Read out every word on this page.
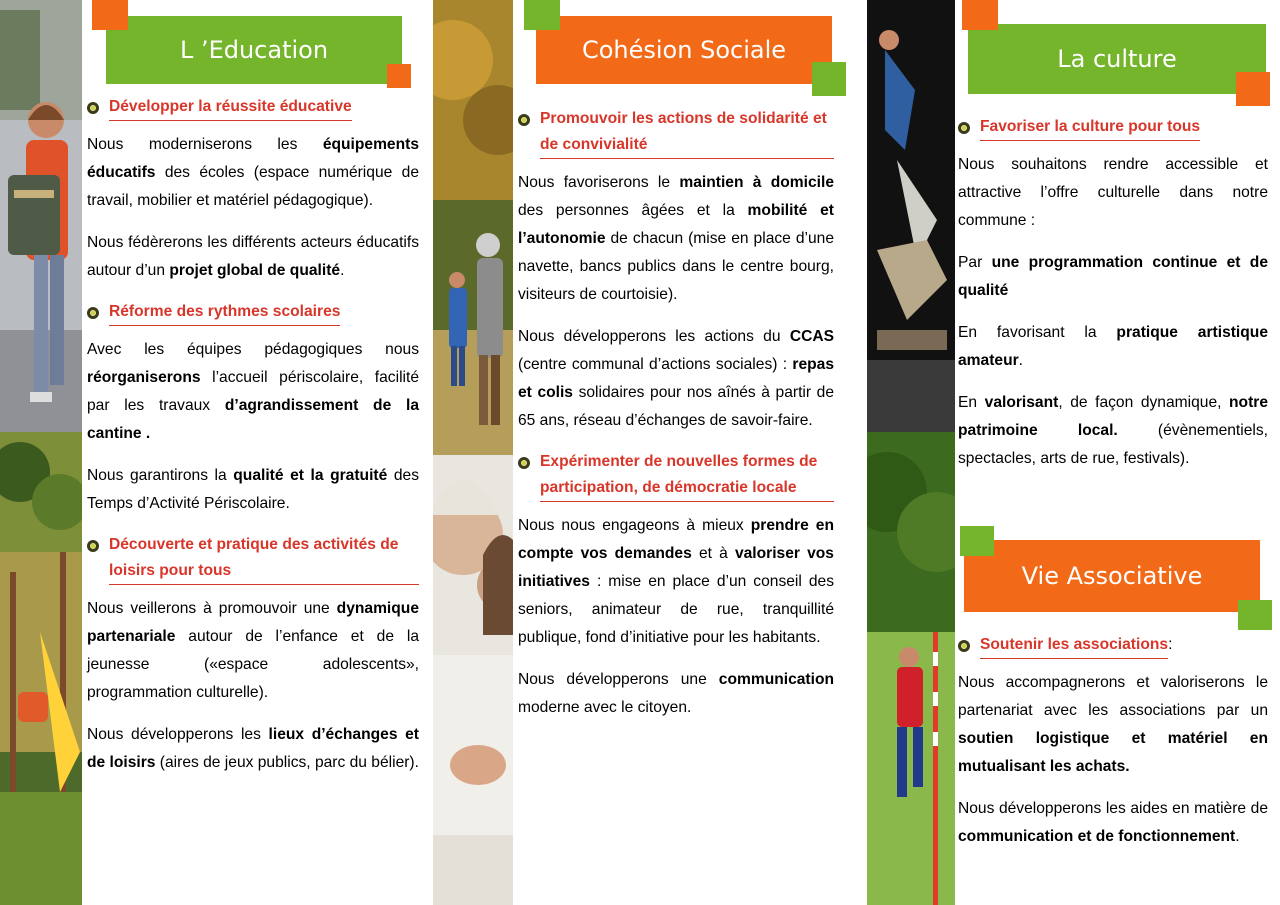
L ’Education	Cohésion Sociale	La culture
Vie Associative
Développer la réussite éducative

Nous moderniserons les équipements éducatifs des écoles (espace numérique de travail, mobilier et matériel pédagogique).

Nous fédèrerons les différents acteurs éducatifs autour d’un projet global de qualité.

Réforme des rythmes scolaires

Avec les équipes pédagogiques nous réorganiserons l’accueil périscolaire, facilité par les travaux d’agrandissement de la cantine .

Nous garantirons la qualité et la gratuité des Temps d’Activité Périscolaire.

Découverte et pratique des activités de loisirs pour tous

Nous veillerons à promouvoir une dynamique partenariale autour de l’enfance et de la jeunesse («espace adolescents», programmation culturelle).

Nous développerons les lieux d’échanges et de loisirs (aires de jeux publics, parc du bélier).

Promouvoir les actions de solidarité et de convivialité

Nous favoriserons le maintien à domicile des personnes âgées et la mobilité et l’autonomie de chacun (mise en place d’une navette, bancs publics dans le centre bourg, visiteurs de courtoisie).

Nous développerons les actions du CCAS (centre communal d’actions sociales) : repas et colis solidaires pour nos aînés à partir de 65 ans, réseau d’échanges de savoir-faire.

Expérimenter de nouvelles formes de participation, de démocratie locale

Nous nous engageons à mieux prendre en compte vos demandes et à valoriser vos initiatives : mise en place d’un conseil des seniors, animateur de rue, tranquillité publique, fond d’initiative pour les habitants.

Nous développerons une communication moderne avec le citoyen.

Favoriser la culture pour tous

Nous souhaitons rendre accessible et attractive l’offre culturelle dans notre commune :

Par une programmation continue et de qualité

En favorisant la pratique artistique amateur.

En valorisant, de façon dynamique, notre patrimoine local. (évènementiels, spectacles, arts de rue, festivals).

Soutenir les associations :

Nous accompagnerons et valoriserons le partenariat avec les associations par un soutien logistique et matériel en mutualisant les achats.

Nous développerons les aides en matière de communication et de fonctionnement.
